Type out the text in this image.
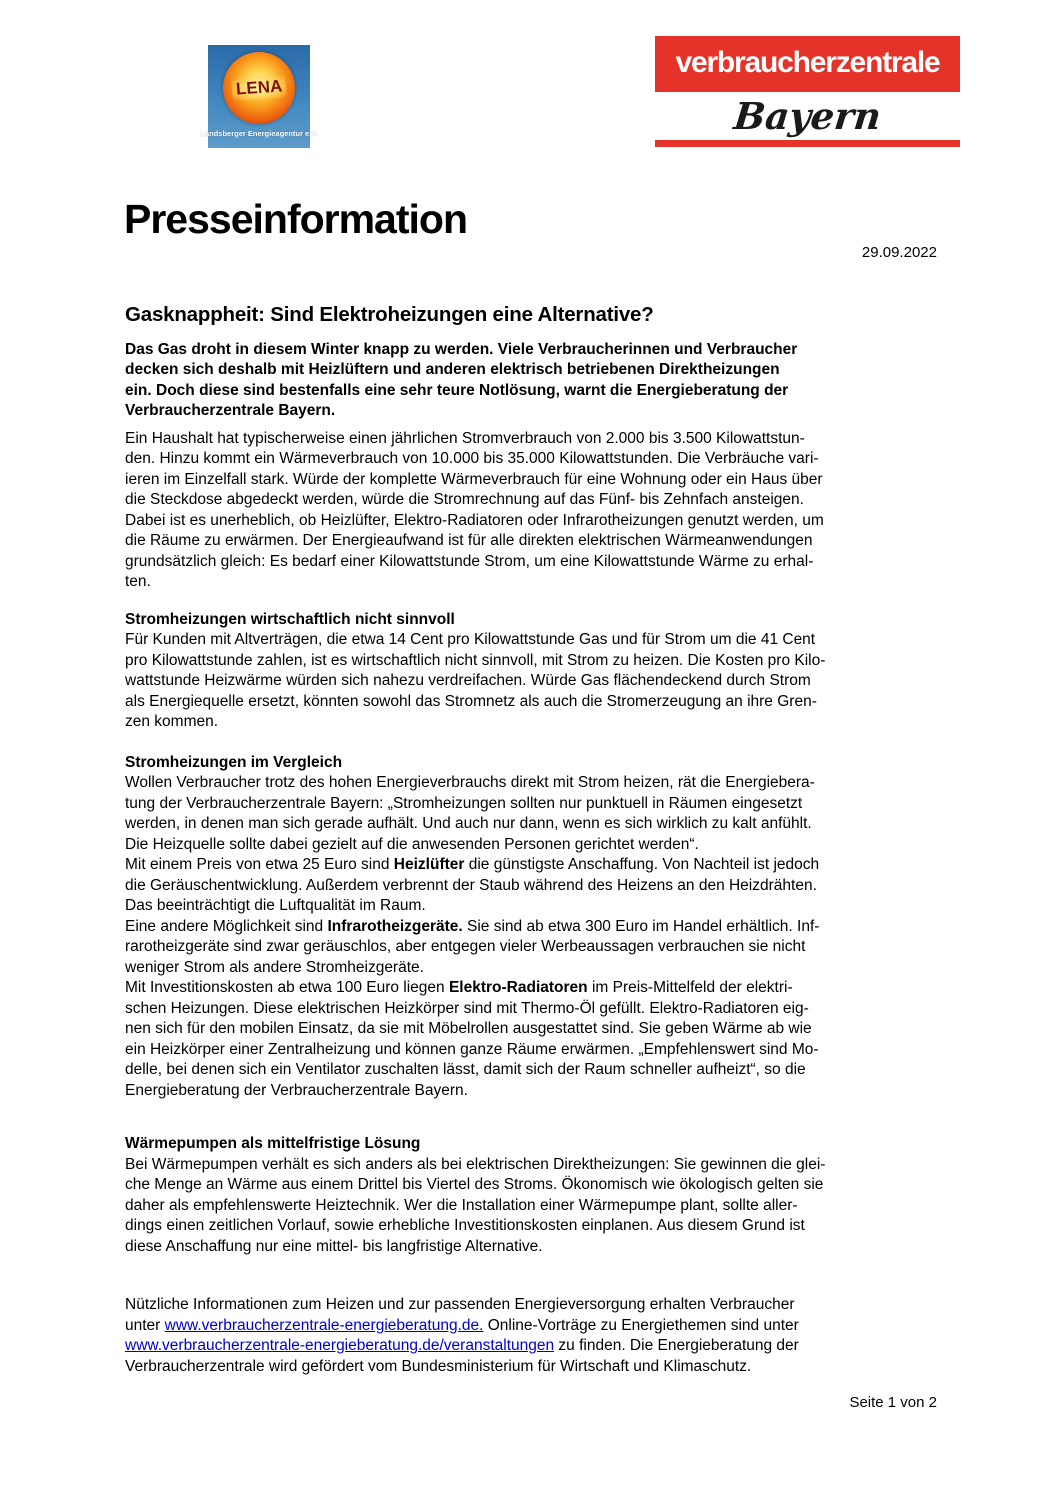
LENA
Landsberger Energieagentur e.V.
verbraucherzentrale
Bayern
Presseinformation
29.09.2022
Gasknappheit: Sind Elektroheizungen eine Alternative?

Das Gas droht in diesem Winter knapp zu werden. Viele Verbraucherinnen und Verbraucher
decken sich deshalb mit Heizlüftern und anderen elektrisch betriebenen Direktheizungen
ein. Doch diese sind bestenfalls eine sehr teure Notlösung, warnt die Energieberatung der
Verbraucherzentrale Bayern.

Ein Haushalt hat typischerweise einen jährlichen Stromverbrauch von 2.000 bis 3.500 Kilowattstun-
den. Hinzu kommt ein Wärmeverbrauch von 10.000 bis 35.000 Kilowattstunden. Die Verbräuche vari-
ieren im Einzelfall stark. Würde der komplette Wärmeverbrauch für eine Wohnung oder ein Haus über
die Steckdose abgedeckt werden, würde die Stromrechnung auf das Fünf- bis Zehnfach ansteigen.
Dabei ist es unerheblich, ob Heizlüfter, Elektro-Radiatoren oder Infrarotheizungen genutzt werden, um
die Räume zu erwärmen. Der Energieaufwand ist für alle direkten elektrischen Wärmeanwendungen
grundsätzlich gleich: Es bedarf einer Kilowattstunde Strom, um eine Kilowattstunde Wärme zu erhal-
ten.

Stromheizungen wirtschaftlich nicht sinnvoll

Für Kunden mit Altverträgen, die etwa 14 Cent pro Kilowattstunde Gas und für Strom um die 41 Cent
pro Kilowattstunde zahlen, ist es wirtschaftlich nicht sinnvoll, mit Strom zu heizen. Die Kosten pro Kilo-
wattstunde Heizwärme würden sich nahezu verdreifachen. Würde Gas flächendeckend durch Strom
als Energiequelle ersetzt, könnten sowohl das Stromnetz als auch die Stromerzeugung an ihre Gren-
zen kommen.

Stromheizungen im Vergleich

Wollen Verbraucher trotz des hohen Energieverbrauchs direkt mit Strom heizen, rät die Energiebera-
tung der Verbraucherzentrale Bayern: „Stromheizungen sollten nur punktuell in Räumen eingesetzt
werden, in denen man sich gerade aufhält. Und auch nur dann, wenn es sich wirklich zu kalt anfühlt.
Die Heizquelle sollte dabei gezielt auf die anwesenden Personen gerichtet werden“.
Mit einem Preis von etwa 25 Euro sind Heizlüfter die günstigste Anschaffung. Von Nachteil ist jedoch
die Geräuschentwicklung. Außerdem verbrennt der Staub während des Heizens an den Heizdrähten.
Das beeinträchtigt die Luftqualität im Raum.
Eine andere Möglichkeit sind Infrarotheizgeräte. Sie sind ab etwa 300 Euro im Handel erhältlich. Inf-
rarotheizgeräte sind zwar geräuschlos, aber entgegen vieler Werbeaussagen verbrauchen sie nicht
weniger Strom als andere Stromheizgeräte.
Mit Investitionskosten ab etwa 100 Euro liegen Elektro-Radiatoren im Preis-Mittelfeld der elektri-
schen Heizungen. Diese elektrischen Heizkörper sind mit Thermo-Öl gefüllt. Elektro-Radiatoren eig-
nen sich für den mobilen Einsatz, da sie mit Möbelrollen ausgestattet sind. Sie geben Wärme ab wie
ein Heizkörper einer Zentralheizung und können ganze Räume erwärmen. „Empfehlenswert sind Mo-
delle, bei denen sich ein Ventilator zuschalten lässt, damit sich der Raum schneller aufheizt“, so die
Energieberatung der Verbraucherzentrale Bayern.

Wärmepumpen als mittelfristige Lösung

Bei Wärmepumpen verhält es sich anders als bei elektrischen Direktheizungen: Sie gewinnen die glei-
che Menge an Wärme aus einem Drittel bis Viertel des Stroms. Ökonomisch wie ökologisch gelten sie
daher als empfehlenswerte Heiztechnik. Wer die Installation einer Wärmepumpe plant, sollte aller-
dings einen zeitlichen Vorlauf, sowie erhebliche Investitionskosten einplanen. Aus diesem Grund ist
diese Anschaffung nur eine mittel- bis langfristige Alternative.

Nützliche Informationen zum Heizen und zur passenden Energieversorgung erhalten Verbraucher
unter www.verbraucherzentrale-energieberatung.de. Online-Vorträge zu Energiethemen sind unter
www.verbraucherzentrale-energieberatung.de/veranstaltungen zu finden. Die Energieberatung der
Verbraucherzentrale wird gefördert vom Bundesministerium für Wirtschaft und Klimaschutz.

Seite 1 von 2
